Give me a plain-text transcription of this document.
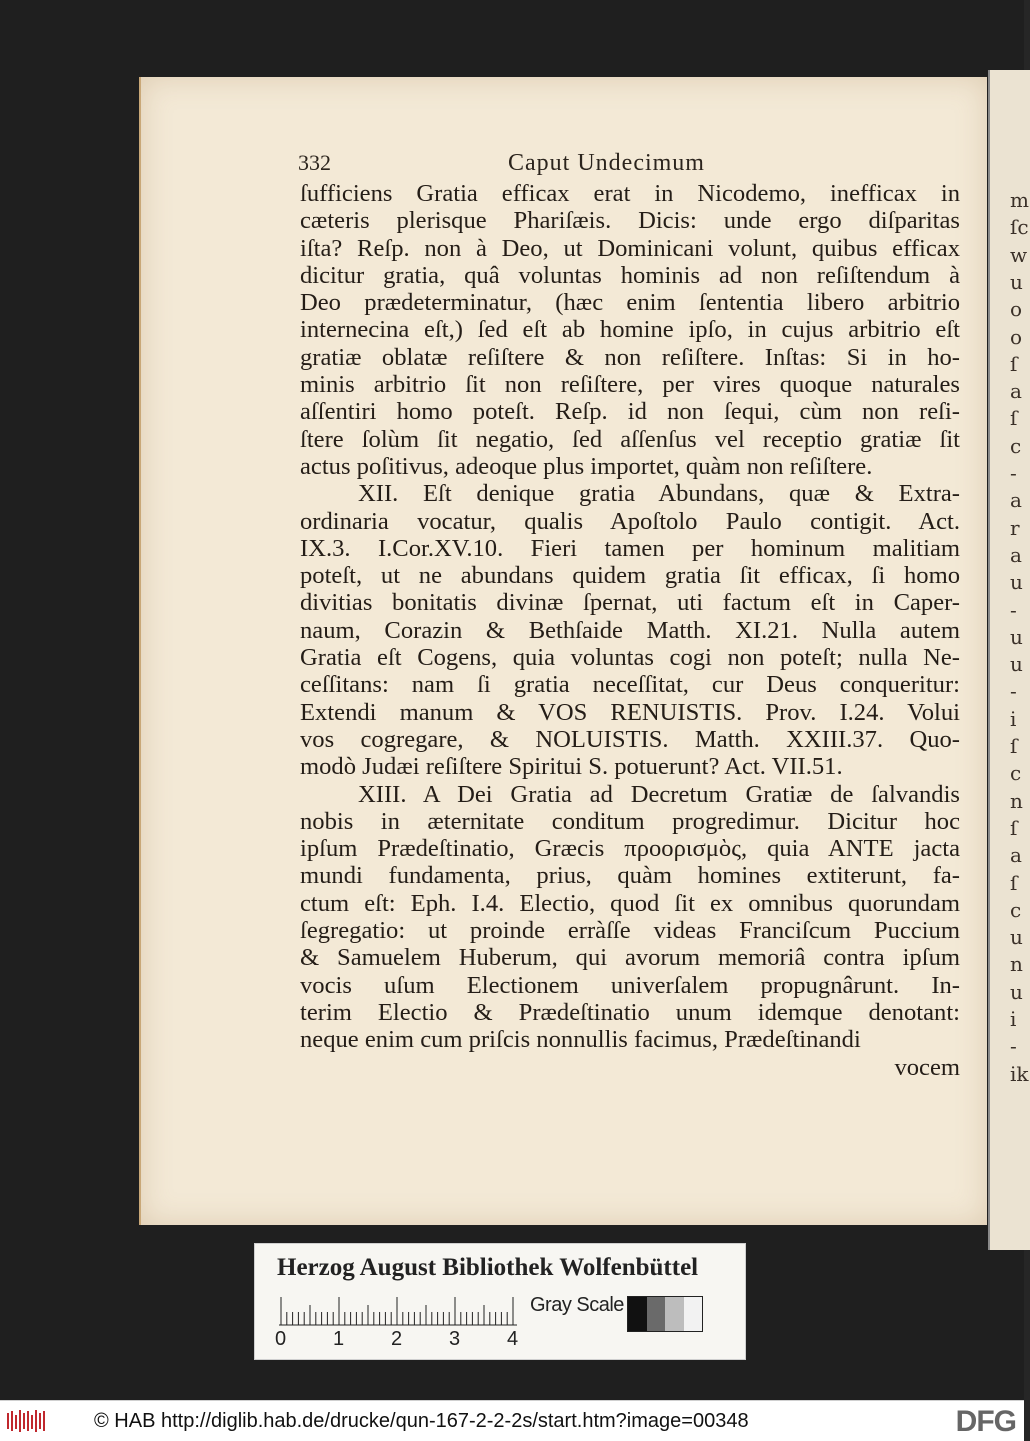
m
ſc
w
u
o
o
ſ
a
ſ
c
-
a
r
a
u
-
u
u
-
i
ſ
c
n
ſ
a
ſ
c
u
n
u
i
-
ik
332	Caput Undecimum

ſufficiens Gratia efficax erat in Nicodemo, inefficax in

cæteris plerisque Phariſæis. Dicis: unde ergo diſparitas

iſta? Reſp. non à Deo, ut Dominicani volunt, quibus efficax

dicitur gratia, quâ voluntas hominis ad non reſiſtendum à

Deo prædeterminatur, (hæc enim ſententia libero arbitrio

internecina eſt,) ſed eſt ab homine ipſo, in cujus arbitrio eſt

gratiæ oblatæ reſiſtere & non reſiſtere. Inſtas: Si in ho-

minis arbitrio ſit non reſiſtere, per vires quoque naturales

aſſentiri homo poteſt. Reſp. id non ſequi, cùm non reſi-

ſtere ſolùm ſit negatio, ſed aſſenſus vel receptio gratiæ ſit

actus poſitivus, adeoque plus importet, quàm non reſiſtere.

XII. Eſt denique gratia Abundans, quæ & Extra-

ordinaria vocatur, qualis Apoſtolo Paulo contigit. Act.

IX.3. I.Cor.XV.10. Fieri tamen per hominum malitiam

poteſt, ut ne abundans quidem gratia ſit efficax, ſi homo

divitias bonitatis divinæ ſpernat, uti factum eſt in Caper-

naum, Corazin & Bethſaide Matth. XI.21. Nulla autem

Gratia eſt Cogens, quia voluntas cogi non poteſt; nulla Ne-

ceſſitans: nam ſi gratia neceſſitat, cur Deus conqueritur:

Extendi manum & VOS RENUISTIS. Prov. I.24. Volui

vos cogregare, & NOLUISTIS. Matth. XXIII.37. Quo-

modò Judæi reſiſtere Spiritui S. potuerunt? Act. VII.51.

XIII. A Dei Gratia ad Decretum Gratiæ de ſalvandis

nobis in æternitate conditum progredimur. Dicitur hoc

ipſum Prædeſtinatio, Græcis προορισμὸς, quia ANTE jacta

mundi fundamenta, prius, quàm homines extiterunt, fa-

ctum eſt: Eph. I.4. Electio, quod ſit ex omnibus quorundam

ſegregatio: ut proinde erràſſe videas Franciſcum Puccium

& Samuelem Huberum, qui avorum memoriâ contra ipſum

vocis uſum Electionem univerſalem propugnârunt. In-

terim Electio & Prædeſtinatio unum idemque denotant:

neque enim cum priſcis nonnullis facimus, Prædeſtinandi

vocem

Herzog August Bibliothek Wolfenbüttel
0 1 2 3 4
Gray Scale
© HAB http://diglib.hab.de/drucke/qun-167-2-2-2s/start.htm?image=00348	DFG
